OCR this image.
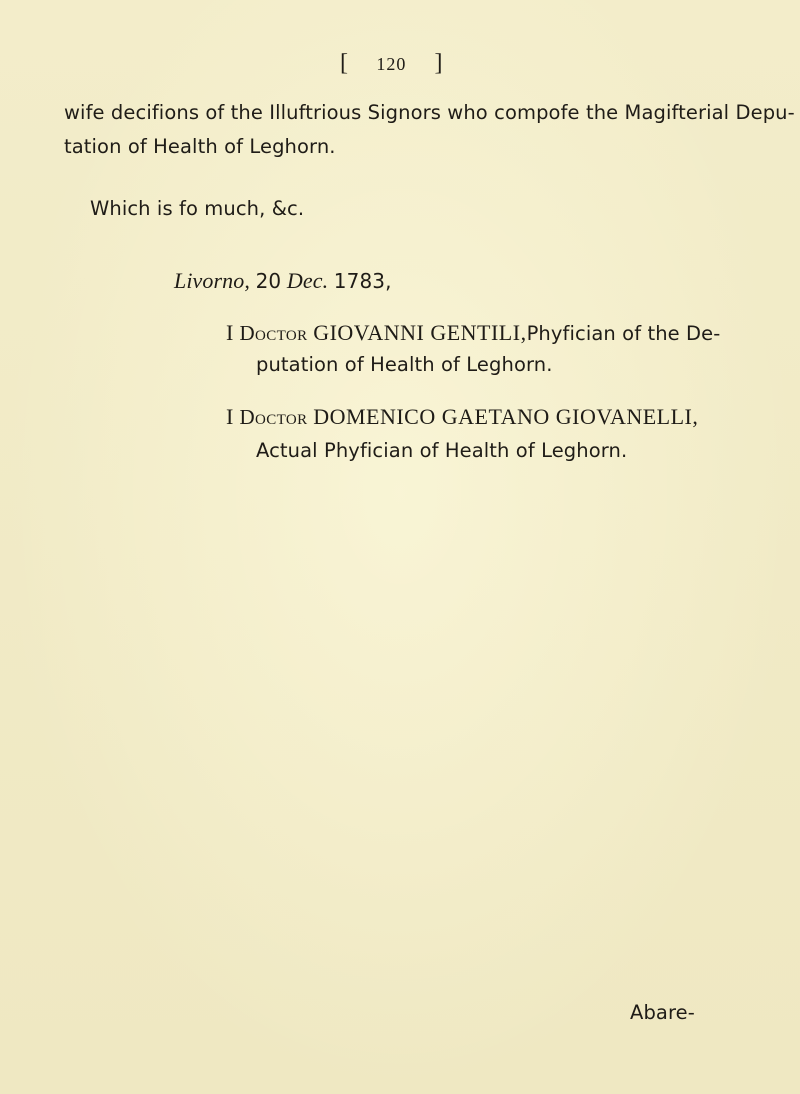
[ 120 ]
wife decifions of the Illuftrious Signors who compofe the Magifterial Depu-
tation of Health of Leghorn.
Which is fo much, &c.
Livorno, 20 Dec. 1783,
I Doctor GIOVANNI GENTILI,Phyfician of the De-
putation of Health of Leghorn.
I Doctor DOMENICO GAETANO GIOVANELLI,
Actual Phyfician of Health of Leghorn.
Abare-
